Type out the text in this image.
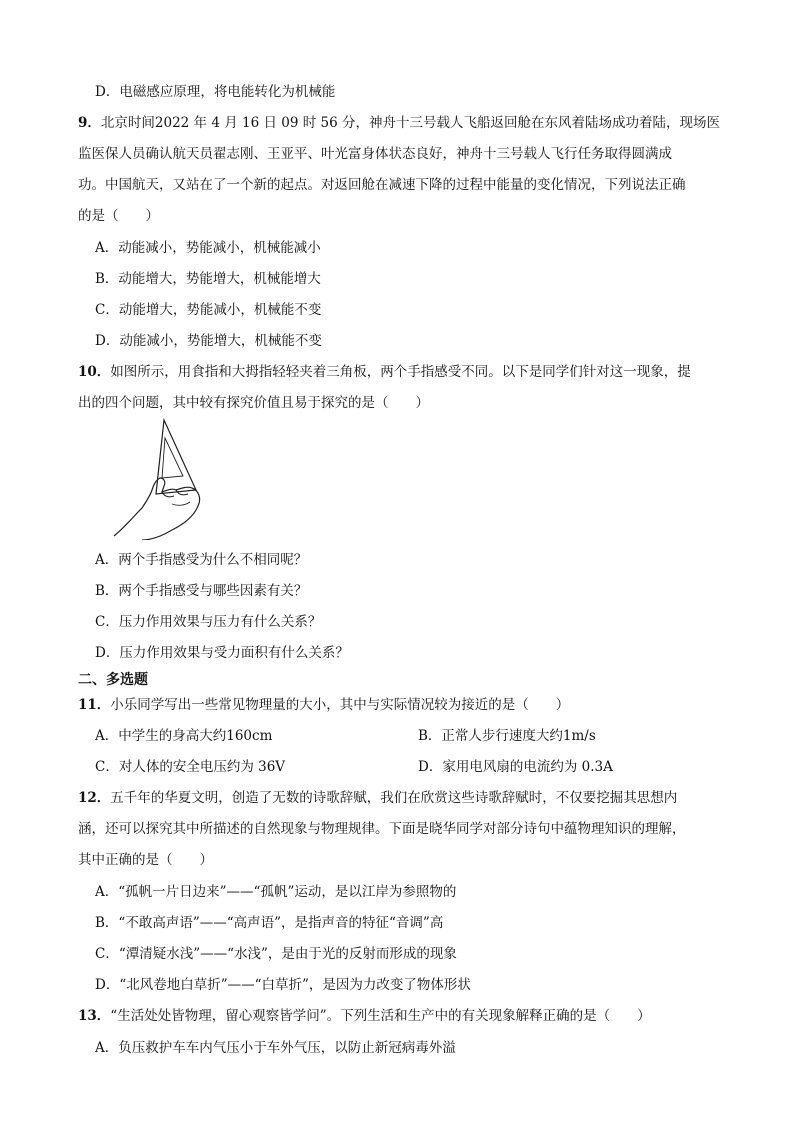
D．电磁感应原理，将电能转化为机械能
9．北京时间2022 年 4 月 16 日 09 时 56 分，神舟十三号载人飞船返回舱在东风着陆场成功着陆，现场医
监医保人员确认航天员翟志刚、王亚平、叶光富身体状态良好，神舟十三号载人飞行任务取得圆满成
功。中国航天，又站在了一个新的起点。对返回舱在减速下降的过程中能量的变化情况，下列说法正确
的是（　　）
A．动能减小，势能减小，机械能减小
B．动能增大，势能增大，机械能增大
C．动能增大，势能减小，机械能不变
D．动能减小，势能增大，机械能不变
10．如图所示，用食指和大拇指轻轻夹着三角板，两个手指感受不同。以下是同学们针对这一现象，提
出的四个问题，其中较有探究价值且易于探究的是（　　）
A．两个手指感受为什么不相同呢？
B．两个手指感受与哪些因素有关？
C．压力作用效果与压力有什么关系？
D．压力作用效果与受力面积有什么关系？
二、多选题
11．小乐同学写出一些常见物理量的大小，其中与实际情况较为接近的是（　　）
A．中学生的身高大约160cm	B．正常人步行速度大约1m/s
C．对人体的安全电压约为 36V	D．家用电风扇的电流约为 0.3A
12．五千年的华夏文明，创造了无数的诗歌辞赋，我们在欣赏这些诗歌辞赋时，不仅要挖掘其思想内
涵，还可以探究其中所描述的自然现象与物理规律。下面是晓华同学对部分诗句中蕴物理知识的理解，
其中正确的是（　　）
A．“孤帆一片日边来”——“孤帆”运动，是以江岸为参照物的
B．“不敢高声语”——“高声语”，是指声音的特征“音调”高
C．“潭清疑水浅”——“水浅”，是由于光的反射而形成的现象
D．“北风卷地白草折”——“白草折”，是因为力改变了物体形状
13．“生活处处皆物理，留心观察皆学问”。下列生活和生产中的有关现象解释正确的是（　　）
A．负压救护车车内气压小于车外气压，以防止新冠病毒外溢
